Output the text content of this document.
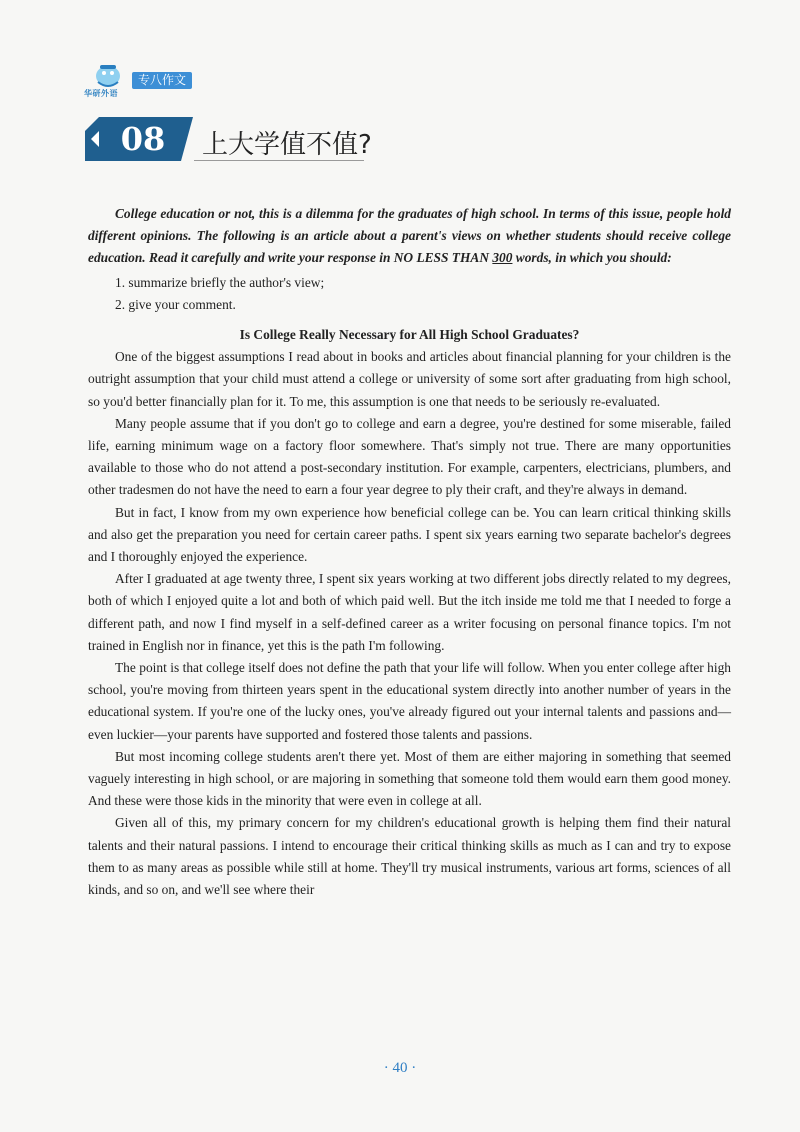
华研外语
专八作文
08	上大学值不值?

College education or not, this is a dilemma for the graduates of high school. In terms of this issue, people hold different opinions. The following is an article about a parent's views on whether students should receive college education. Read it carefully and write your response in NO LESS THAN 300 words, in which you should:

1. summarize briefly the author's view;
2. give your comment.
Is College Really Necessary for All High School Graduates?

One of the biggest assumptions I read about in books and articles about financial planning for your children is the outright assumption that your child must attend a college or university of some sort after graduating from high school, so you'd better financially plan for it. To me, this assumption is one that needs to be seriously re-evaluated.

Many people assume that if you don't go to college and earn a degree, you're destined for some miserable, failed life, earning minimum wage on a factory floor somewhere. That's simply not true. There are many opportunities available to those who do not attend a post-secondary institution. For example, carpenters, electricians, plumbers, and other tradesmen do not have the need to earn a four year degree to ply their craft, and they're always in demand.

But in fact, I know from my own experience how beneficial college can be. You can learn critical thinking skills and also get the preparation you need for certain career paths. I spent six years earning two separate bachelor's degrees and I thoroughly enjoyed the experience.

After I graduated at age twenty three, I spent six years working at two different jobs directly related to my degrees, both of which I enjoyed quite a lot and both of which paid well. But the itch inside me told me that I needed to forge a different path, and now I find myself in a self-defined career as a writer focusing on personal finance topics. I'm not trained in English nor in finance, yet this is the path I'm following.

The point is that college itself does not define the path that your life will follow. When you enter college after high school, you're moving from thirteen years spent in the educational system directly into another number of years in the educational system. If you're one of the lucky ones, you've already figured out your internal talents and passions and—even luckier—your parents have supported and fostered those talents and passions.

But most incoming college students aren't there yet. Most of them are either majoring in something that seemed vaguely interesting in high school, or are majoring in something that someone told them would earn them good money. And these were those kids in the minority that were even in college at all.

Given all of this, my primary concern for my children's educational growth is helping them find their natural talents and their natural passions. I intend to encourage their critical thinking skills as much as I can and try to expose them to as many areas as possible while still at home. They'll try musical instruments, various art forms, sciences of all kinds, and so on, and we'll see where their

· 40 ·
